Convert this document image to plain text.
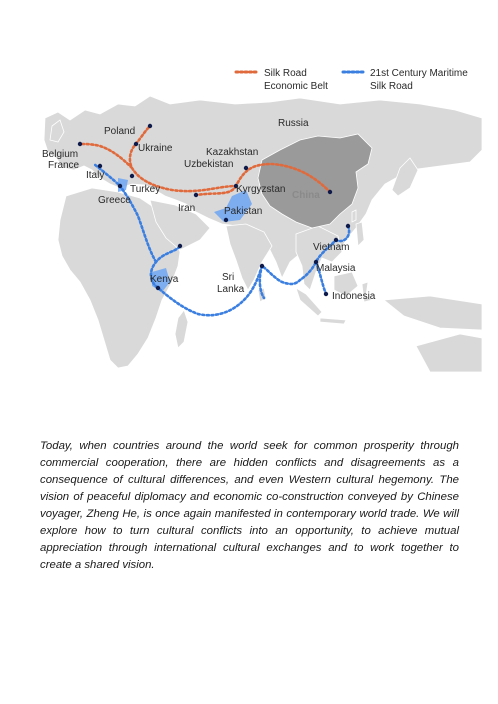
Silk Road
Economic Belt
21st Century Maritime
Silk Road
Russia
Poland
Belgium
Ukraine	Kazakhstan
France	Uzbekistan
Italy
Turkey	Kyrgyzstan
China
Greece
Iran	Pakistan
Vietnam
Malaysia
Kenya	Sri
Lanka
Indonesia

Today, when countries around the world seek for common prosperity through commercial cooperation, there are hidden conflicts and disagreements as a consequence of cultural differences, and even Western cultural hegemony. The vision of peaceful diplomacy and economic co-construction conveyed by Chinese voyager, Zheng He, is once again manifested in contemporary world trade. We will explore how to turn cultural conflicts into an opportunity, to achieve mutual appreciation through international cultural exchanges and to work together to create a shared vision.
